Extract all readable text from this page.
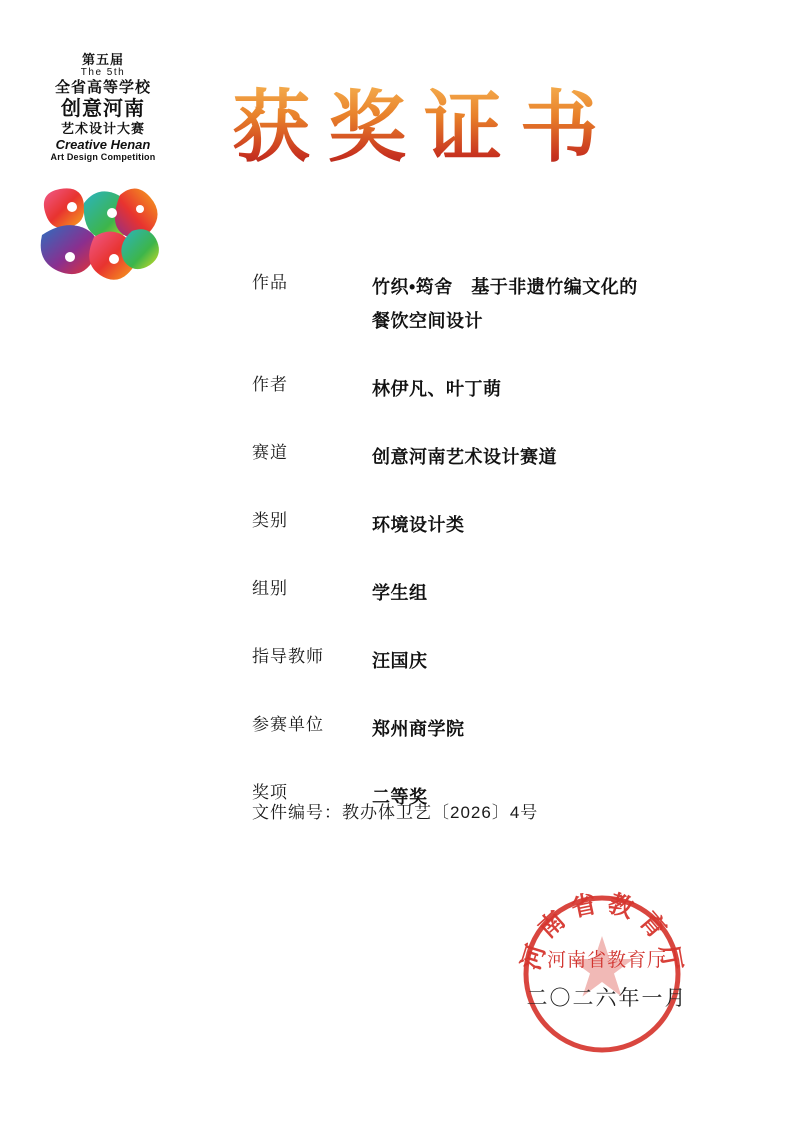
第五届
The 5th
全省高等学校
创意河南
艺术设计大赛
Creative Henan
Art Design Competition 获奖证书
作品	竹织•筠舍　基于非遗竹编文化的
餐饮空间设计
作者	林伊凡、叶丁萌
赛道	创意河南艺术设计赛道
类别	环境设计类
组别	学生组
指导教师	汪国庆
参赛单位	郑州商学院
奖项	二等奖
文件编号：教办体卫艺〔2026〕4号
河南省教育厅
河南省教育厅
二〇二六年一月
